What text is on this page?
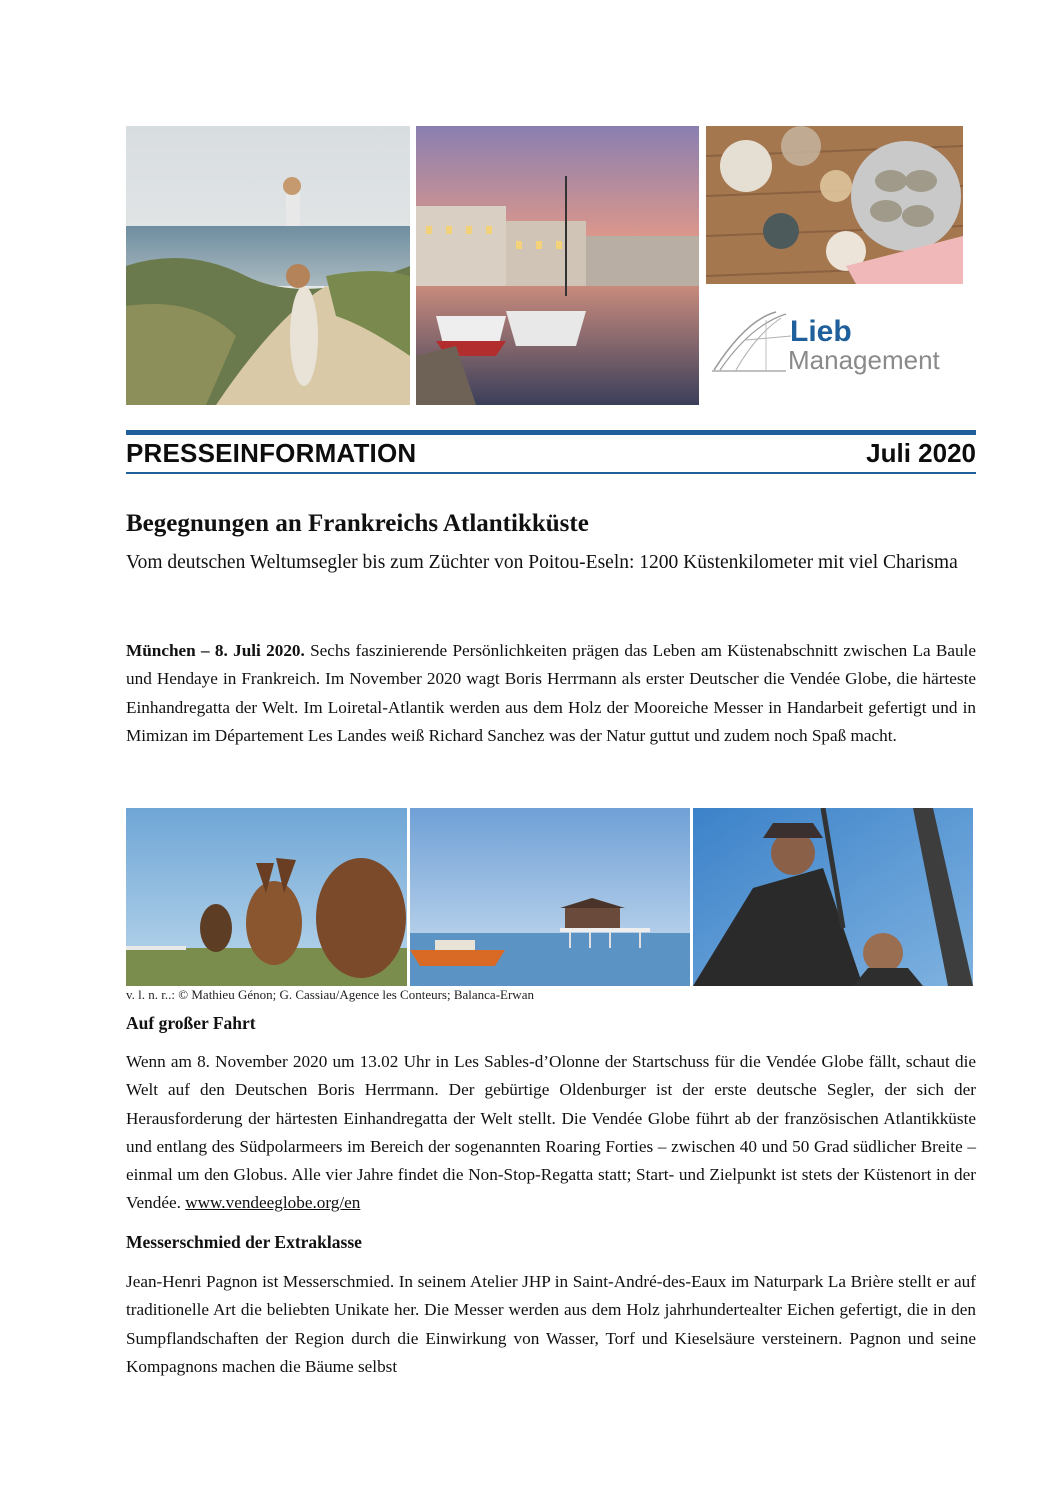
Lieb
Management
PRESSEINFORMATION	Juli 2020
Begegnungen an Frankreichs Atlantikküste
Vom deutschen Weltumsegler bis zum Züchter von Poitou-Eseln: 1200 Küstenkilometer mit viel Charisma
München – 8. Juli 2020. Sechs faszinierende Persönlichkeiten prägen das Leben am Küstenabschnitt zwischen La Baule und Hendaye in Frankreich. Im November 2020 wagt Boris Herrmann als erster Deutscher die Vendée Globe, die härteste Einhandregatta der Welt. Im Loiretal-Atlantik werden aus dem Holz der Mooreiche Messer in Handarbeit gefertigt und in Mimizan im Département Les Landes weiß Richard Sanchez was der Natur guttut und zudem noch Spaß macht.
v. l. n. r..: © Mathieu Génon; G. Cassiau/Agence les Conteurs; Balanca-Erwan
Auf großer Fahrt
Wenn am 8. November 2020 um 13.02 Uhr in Les Sables-d’Olonne der Startschuss für die Vendée Globe fällt, schaut die Welt auf den Deutschen Boris Herrmann. Der gebürtige Oldenburger ist der erste deutsche Segler, der sich der Herausforderung der härtesten Einhandregatta der Welt stellt. Die Vendée Globe führt ab der französischen Atlantikküste und entlang des Südpolarmeers im Bereich der sogenannten Roaring Forties – zwischen 40 und 50 Grad südlicher Breite – einmal um den Globus. Alle vier Jahre findet die Non-Stop-Regatta statt; Start- und Zielpunkt ist stets der Küstenort in der Vendée. www.vendeeglobe.org/en
Messerschmied der Extraklasse
Jean-Henri Pagnon ist Messerschmied. In seinem Atelier JHP in Saint-André-des-Eaux im Naturpark La Brière stellt er auf traditionelle Art die beliebten Unikate her. Die Messer werden aus dem Holz jahrhundertealter Eichen gefertigt, die in den Sumpflandschaften der Region durch die Einwirkung von Wasser, Torf und Kieselsäure versteinern. Pagnon und seine Kompagnons machen die Bäume selbst
